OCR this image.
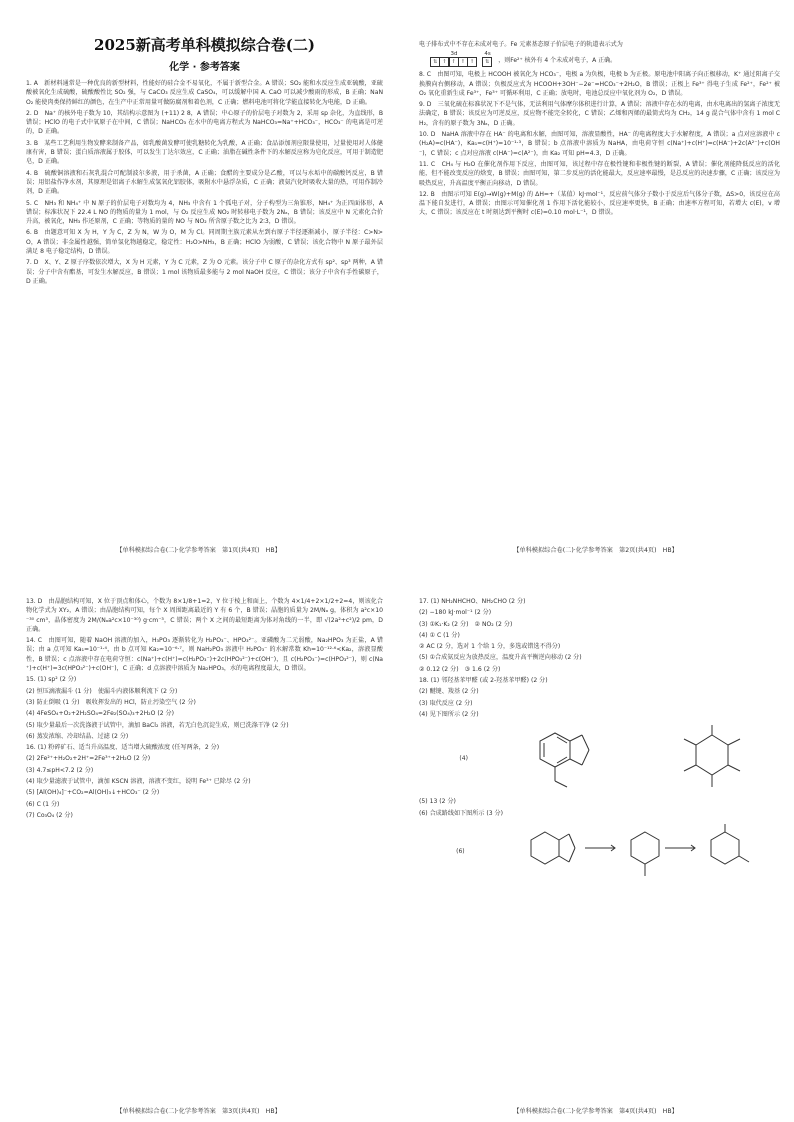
2025新高考单科模拟综合卷(二)
化学 · 参考答案

1. A　新材料通常是一种优良的新型材料，性能好的硅合金不易氧化，不属于新型合金。A 错误；SO₂ 能和水反应生成亚硫酸，亚硫酸被氧化生成硫酸，硫酸酸性比 SO₂ 强，与 CaCO₃ 反应生成 CaSO₄，可以缓解中国 A. CaO 可以减少酸雨的形成，B 正确；NaNO₂ 能使肉类保持鲜红的颜色，在生产中正常用量可做防腐剂和着色剂，C 正确；燃料电池可将化学能直接转化为电能，D 正确。

2. D　Na⁺ 的核外电子数为 10，其结构示意图为 (+11) 2 8，A 错误；中心原子的价层电子对数为 2，采用 sp 杂化，为直线形，B 错误；HClO 的电子式中氧原子在中间，C 错误；NaHCO₃ 在水中的电离方程式为 NaHCO₃=Na⁺+HCO₃⁻，HCO₃⁻ 的电离是可逆的，D 正确。

3. B　某些工艺利用生物发酵来制备产品，如乳酸菌发酵可使乳糖转化为乳酸，A 正确；食品添加剂应限量使用，过量使用对人体健康有害，B 错误；蛋白质溶液属于胶体，可以发生丁达尔效应，C 正确；油脂在碱性条件下的水解反应称为皂化反应，可用于制造肥皂，D 正确。

4. B　硫酸铜溶液和石灰乳混合可配制波尔多液，用于杀菌，A 正确；食醋的主要成分是乙酸，可以与水垢中的碳酸钙反应，B 错误；用铝盐作净水剂，其原理是铝离子水解生成氢氧化铝胶体，吸附水中悬浮杂质，C 正确；液氨汽化时吸收大量的热，可用作制冷剂，D 正确。

5. C　NH₃ 和 NH₄⁺ 中 N 原子的价层电子对数均为 4，NH₃ 中含有 1 个孤电子对，分子构型为三角锥形，NH₄⁺ 为正四面体形，A 错误；标准状况下 22.4 L NO 的物质的量为 1 mol，与 O₂ 反应生成 NO₂ 时转移电子数为 2Nₐ，B 错误；该反应中 N 元素化合价升高，被氧化，NH₃ 作还原剂，C 正确；等物质的量的 NO 与 NO₂ 所含原子数之比为 2∶3，D 错误。

6. B　由题意可知 X 为 H，Y 为 C，Z 为 N，W 为 O，M 为 Cl。同周期主族元素从左到右原子半径逐渐减小，原子半径：C>N>O，A 错误；非金属性越强，简单氢化物越稳定，稳定性：H₂O>NH₃，B 正确；HClO 为弱酸，C 错误；该化合物中 N 原子最外层满足 8 电子稳定结构，D 错误。

7. D　X、Y、Z 原子序数依次增大，X 为 H 元素，Y 为 C 元素，Z 为 O 元素。该分子中 C 原子的杂化方式有 sp²、sp³ 两种，A 错误；分子中含有酯基，可发生水解反应，B 错误；1 mol 该物质最多能与 2 mol NaOH 反应，C 错误；该分子中含有手性碳原子，D 正确。

【单科模拟综合卷(二)·化学参考答案　第1页(共4页)　HB】

电子排布式中不存在未成对电子。Fe 元素基态原子价层电子的轨道表示式为

3d
⇅	↑	↑	↑	↑
4s
⇅	，则Fe²⁺ 核外有 4 个未成对电子，A 正确。

8. C　由图可知，电极上 HCOOH 被氧化为 HCO₃⁻，电极 a 为负极，电极 b 为正极。原电池中阳离子向正极移动，K⁺ 通过阳离子交换膜向右侧移动，A 错误；负极反应式为 HCOOH+3OH⁻−2e⁻=HCO₃⁻+2H₂O，B 错误；正极上 Fe³⁺ 得电子生成 Fe²⁺，Fe²⁺ 被 O₂ 氧化重新生成 Fe³⁺，Fe³⁺ 可循环利用，C 正确；放电时，电池总反应中氧化剂为 O₂，D 错误。

9. D　三氧化硫在标准状况下不是气体，无法利用气体摩尔体积进行计算，A 错误；溶液中存在水的电离，由水电离出的氢离子浓度无法确定，B 错误；该反应为可逆反应，反应物不能完全转化，C 错误；乙烯和丙烯的最简式均为 CH₂，14 g 混合气体中含有 1 mol CH₂，含有的原子数为 3Nₐ，D 正确。

10. D　NaHA 溶液中存在 HA⁻ 的电离和水解，由图可知，溶液显酸性，HA⁻ 的电离程度大于水解程度，A 错误；a 点对应溶液中 c(H₂A)=c(HA⁻)，Ka₁=c(H⁺)=10⁻¹·³，B 错误；b 点溶液中溶质为 NaHA，由电荷守恒 c(Na⁺)+c(H⁺)=c(HA⁻)+2c(A²⁻)+c(OH⁻)，C 错误；c 点对应溶液 c(HA⁻)=c(A²⁻)，由 Ka₂ 可知 pH=4.3，D 正确。

11. C　CH₄ 与 H₂O 在催化剂作用下反应，由图可知，该过程中存在极性键和非极性键的断裂，A 错误；催化剂能降低反应的活化能，但不能改变反应的焓变，B 错误；由图可知，第二步反应的活化能最大，反应速率最慢，是总反应的决速步骤，C 正确；该反应为吸热反应，升高温度平衡正向移动，D 错误。

12. B　由图示可知 E(g)→W(g)+M(g) 的 ΔH=+（某值）kJ·mol⁻¹，反应前气体分子数小于反应后气体分子数，ΔS>0，该反应在高温下能自发进行，A 错误；由图示可知催化剂 1 作用下活化能较小，反应速率更快，B 正确；由速率方程可知，若增大 c(E)，v 增大，C 错误；该反应在 t 时刻达到平衡时 c(E)=0.10 mol·L⁻¹，D 错误。

【单科模拟综合卷(二)·化学参考答案　第2页(共4页)　HB】

13. D　由晶胞结构可知，X 位于顶点和体心，个数为 8×1/8+1=2，Y 位于棱上和面上，个数为 4×1/4+2×1/2+2=4，则该化合物化学式为 XY₂，A 错误；由晶胞结构可知，每个 X 周围距离最近的 Y 有 6 个，B 错误；晶胞的质量为 2M/Nₐ g，体积为 a²c×10⁻³⁰ cm³，晶体密度为 2M/(Nₐa²c×10⁻³⁰) g·cm⁻³，C 错误；两个 X 之间的最短距离为体对角线的一半，即 √(2a²+c²)/2 pm，D 正确。

14. C　由图可知，随着 NaOH 溶液的加入，H₃PO₃ 逐渐转化为 H₂PO₃⁻、HPO₃²⁻。亚磷酸为二元弱酸，Na₂HPO₃ 为正盐，A 错误；由 a 点可知 Ka₁=10⁻¹·⁴，由 b 点可知 Ka₂=10⁻⁶·⁷，则 NaH₂PO₃ 溶液中 H₂PO₃⁻ 的水解常数 Kh=10⁻¹²·⁶<Ka₂，溶液显酸性，B 错误；c 点溶液中存在电荷守恒：c(Na⁺)+c(H⁺)=c(H₂PO₃⁻)+2c(HPO₃²⁻)+c(OH⁻)，且 c(H₂PO₃⁻)=c(HPO₃²⁻)，则 c(Na⁺)+c(H⁺)=3c(HPO₃²⁻)+c(OH⁻)，C 正确；d 点溶液中溶质为 Na₂HPO₃，水的电离程度最大，D 错误。

15. (1) sp² (2 分)

(2) 恒压滴液漏斗 (1 分)　使漏斗内液体顺利流下 (2 分)

(3) 防止倒吸 (1 分)　吸收挥发出的 HCl，防止污染空气 (2 分)

(4) 4FeSO₄+O₂+2H₂SO₄=2Fe₂(SO₄)₃+2H₂O (2 分)

(5) 取少量最后一次洗涤液于试管中，滴加 BaCl₂ 溶液，若无白色沉淀生成，则已洗涤干净 (2 分)

(6) 蒸发浓缩、冷却结晶、过滤 (2 分)

16. (1) 粉碎矿石、适当升高温度、适当增大硫酸浓度 (任写两条，2 分)

(2) 2Fe²⁺+H₂O₂+2H⁺=2Fe³⁺+2H₂O (2 分)

(3) 4.7≤pH<7.2 (2 分)

(4) 取少量滤液于试管中，滴加 KSCN 溶液，溶液不变红，说明 Fe³⁺ 已除尽 (2 分)

(5) [Al(OH)₄]⁻+CO₂=Al(OH)₃↓+HCO₃⁻ (2 分)

(6) C (1 分)

(7) Co₃O₄ (2 分)

【单科模拟综合卷(二)·化学参考答案　第3页(共4页)　HB】

17. (1) NH₂NHCHO、NH₂CHO (2 分)

(2) −180 kJ·mol⁻¹ (2 分)

(3) ①K₁·K₂ (2 分)　② NO₂ (2 分)

(4) ① C (1 分)

② AC (2 分，选对 1 个给 1 分，多选或错选不得分)

(5) ①合成氨反应为放热反应，温度升高平衡逆向移动 (2 分)

② 0.12 (2 分)　③ 1.6 (2 分)

18. (1) 邻羟基苯甲醛 (或 2-羟基苯甲醛) (2 分)

(2) 醚键、羧基 (2 分)

(3) 取代反应 (2 分)

(4) 见下图所示 (2 分)

(4)

(5) 13 (2 分)

(6) 合成路线如下图所示 (3 分)

(6)
【单科模拟综合卷(二)·化学参考答案　第4页(共4页)　HB】
